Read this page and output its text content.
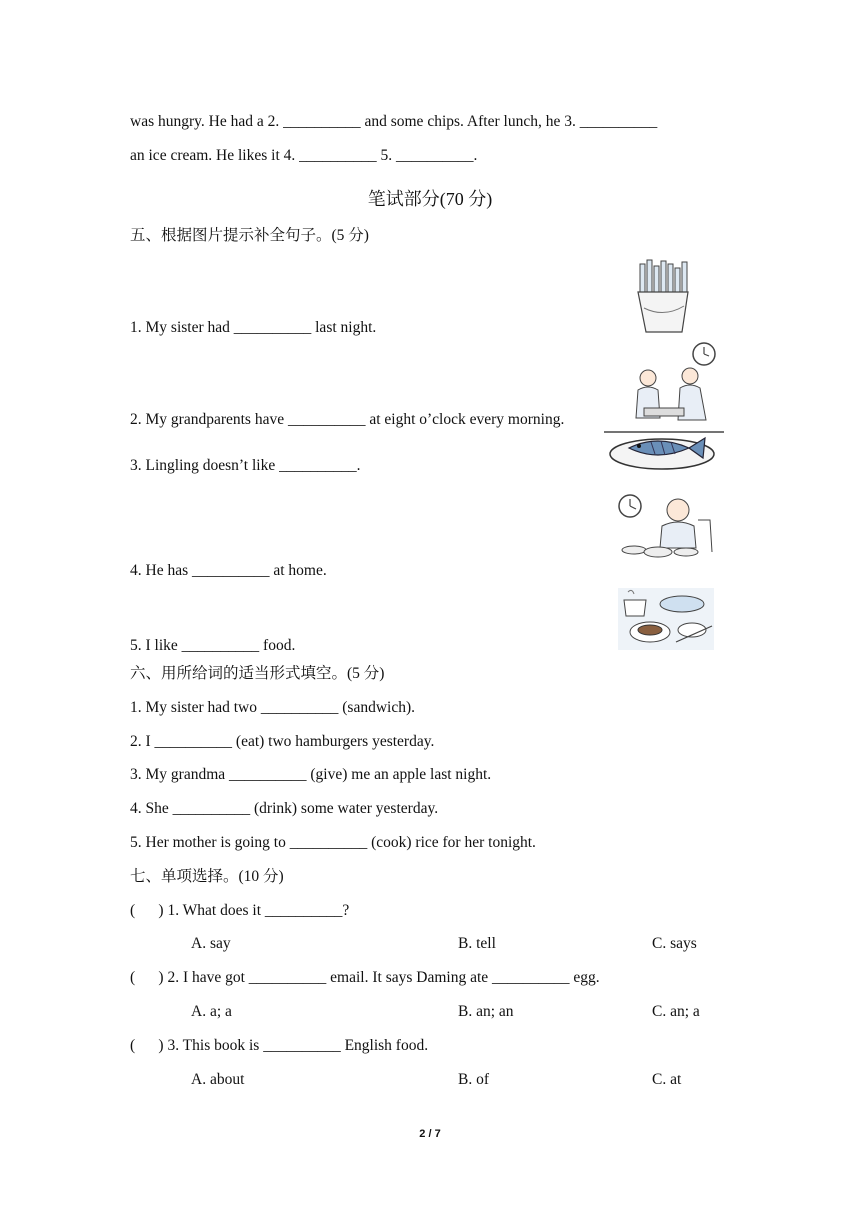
was hungry. He had a 2. __________ and some chips. After lunch, he 3. __________
an ice cream. He likes it 4. __________ 5. __________.
笔试部分(70 分)
五、根据图片提示补全句子。(5 分)
1. My sister had __________ last night.
2. My grandparents have __________ at eight o’clock every morning.
3. Lingling doesn’t like __________.
4. He has __________ at home.
5. I like __________ food.
六、用所给词的适当形式填空。(5 分)
1. My sister had two __________ (sandwich).
2. I __________ (eat) two hamburgers yesterday.
3. My grandma __________ (give) me an apple last night.
4. She __________ (drink) some water yesterday.
5. Her mother is going to __________ (cook) rice for her tonight.
七、单项选择。(10 分)
(      ) 1. What does it __________?
A. say	B. tell	C. says
(      ) 2. I have got __________ email. It says Daming ate __________ egg.
A. a; a	B. an; an	C. an; a
(      ) 3. This book is __________ English food.
A. about	B. of	C. at
2 / 7
